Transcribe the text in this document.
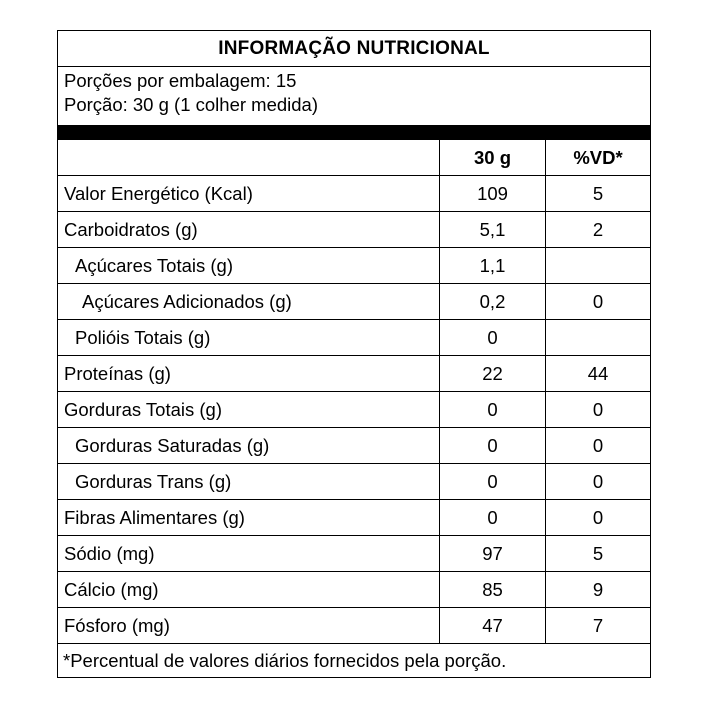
INFORMAÇÃO NUTRICIONAL
Porções por embalagem: 15
Porção: 30 g (1 colher medida)
30 g	%VD*
Valor Energético (Kcal)	109	5
Carboidratos (g)	5,1	2
Açúcares Totais (g)	1,1
Açúcares Adicionados (g)	0,2	0
Polióis Totais (g)	0
Proteínas (g)	22	44
Gorduras Totais (g)	0	0
Gorduras Saturadas (g)	0	0
Gorduras Trans (g)	0	0
Fibras Alimentares (g)	0	0
Sódio (mg)	97	5
Cálcio (mg)	85	9
Fósforo (mg)	47	7
*Percentual de valores diários fornecidos pela porção.
